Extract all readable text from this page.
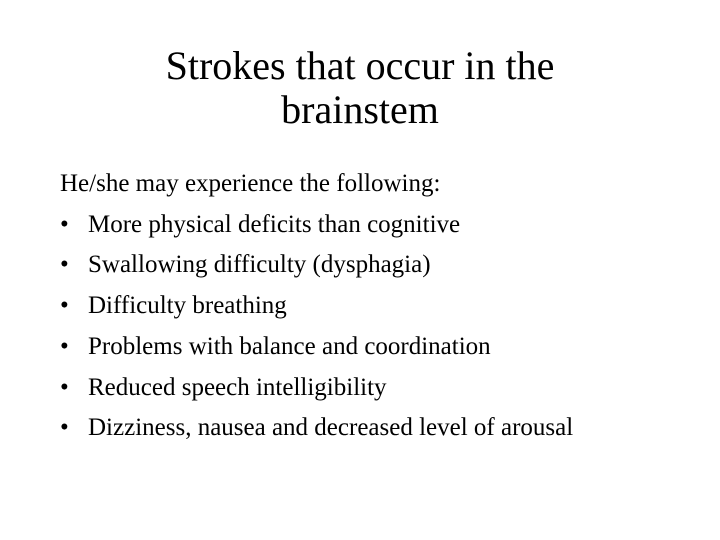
Strokes that occur in the
brainstem
He/she may experience the following:
• More physical deficits than cognitive
• Swallowing difficulty (dysphagia)
• Difficulty breathing
• Problems with balance and coordination
• Reduced speech intelligibility
• Dizziness, nausea and decreased level of arousal
